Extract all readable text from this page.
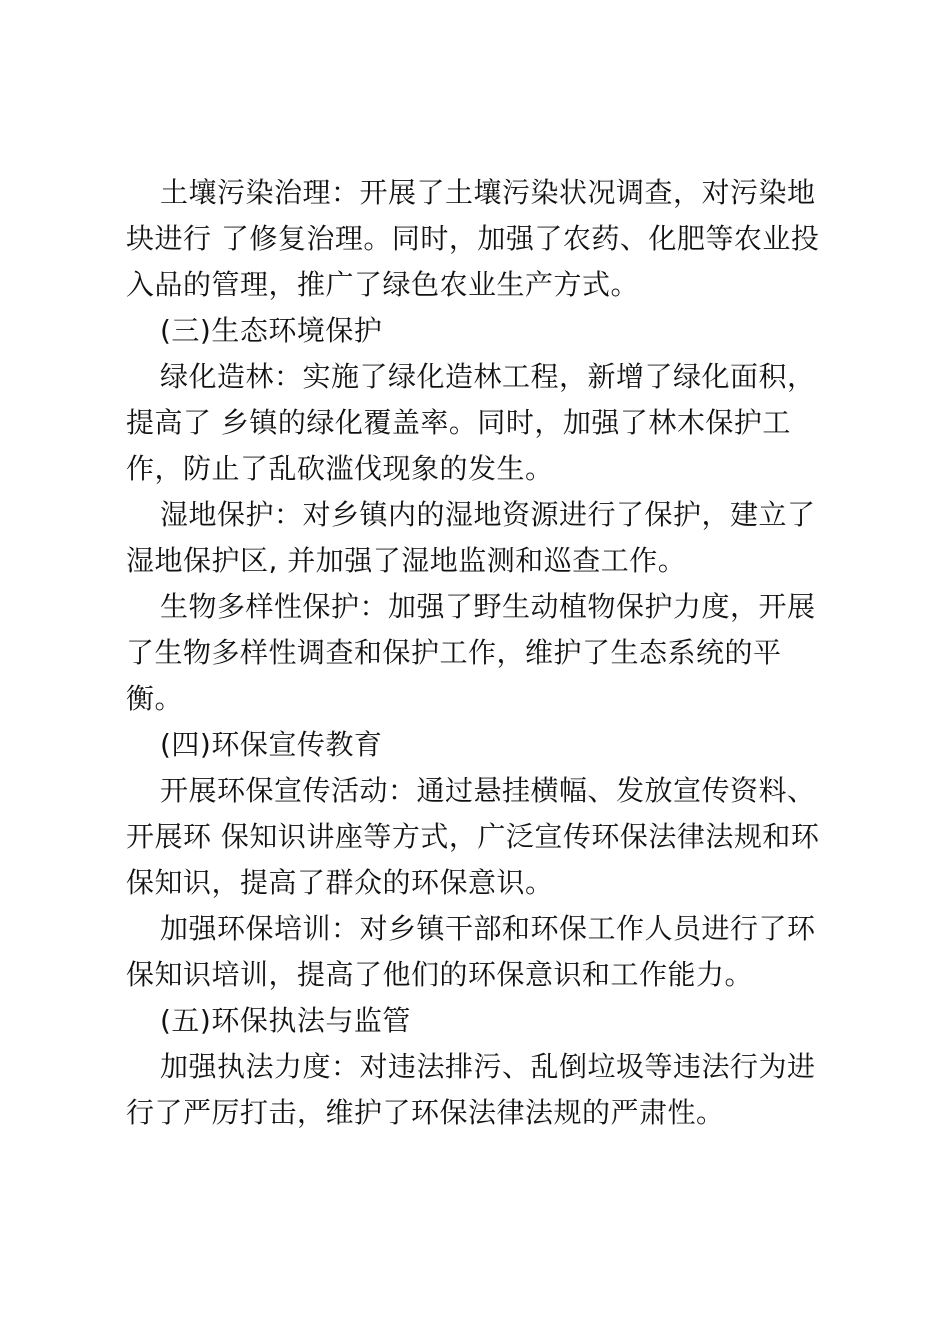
土壤污染治理：开展了土壤污染状况调查，对污染地块进行 了修复治理。同时，加强了农药、化肥等农业投入品的管理，推广了绿色农业生产方式。

(三)生态环境保护

绿化造林：实施了绿化造林工程，新增了绿化面积，提高了 乡镇的绿化覆盖率。同时，加强了林木保护工作，防止了乱砍滥伐现象的发生。

湿地保护：对乡镇内的湿地资源进行了保护，建立了湿地保护区, 并加强了湿地监测和巡查工作。

生物多样性保护：加强了野生动植物保护力度，开展了生物多样性调查和保护工作，维护了生态系统的平衡。

(四)环保宣传教育

开展环保宣传活动：通过悬挂横幅、发放宣传资料、开展环 保知识讲座等方式，广泛宣传环保法律法规和环保知识，提高了群众的环保意识。

加强环保培训：对乡镇干部和环保工作人员进行了环保知识培训，提高了他们的环保意识和工作能力。

(五)环保执法与监管

加强执法力度：对违法排污、乱倒垃圾等违法行为进行了严厉打击，维护了环保法律法规的严肃性。
